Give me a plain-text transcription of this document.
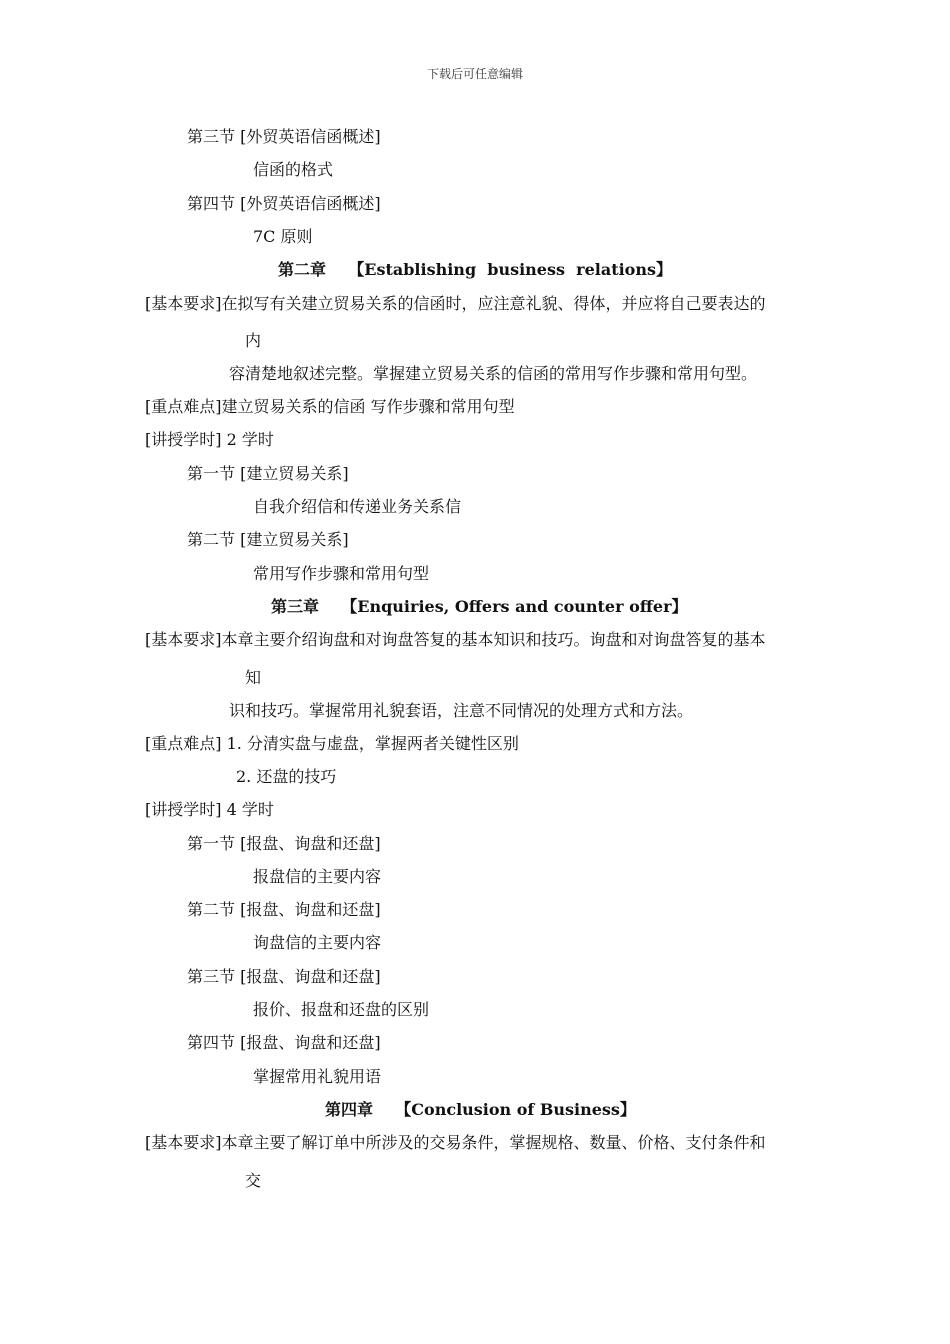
下载后可任意编辑
第三节 [外贸英语信函概述]
信函的格式
第四节 [外贸英语信函概述]
7C 原则
第二章    【Establishing  business  relations】
[基本要求]在拟写有关建立贸易关系的信函时，应注意礼貌、得体，并应将自己要表达的
内
容清楚地叙述完整。掌握建立贸易关系的信函的常用写作步骤和常用句型。
[重点难点]建立贸易关系的信函 写作步骤和常用句型
[讲授学时] 2 学时
第一节 [建立贸易关系]
自我介绍信和传递业务关系信
第二节 [建立贸易关系]
常用写作步骤和常用句型
第三章    【Enquiries, Offers and counter offer】
[基本要求]本章主要介绍询盘和对询盘答复的基本知识和技巧。询盘和对询盘答复的基本
知
识和技巧。掌握常用礼貌套语，注意不同情况的处理方式和方法。
[重点难点] 1. 分清实盘与虚盘，掌握两者关键性区别
2. 还盘的技巧
[讲授学时] 4 学时
第一节 [报盘、询盘和还盘]
报盘信的主要内容
第二节 [报盘、询盘和还盘]
询盘信的主要内容
第三节 [报盘、询盘和还盘]
报价、报盘和还盘的区别
第四节 [报盘、询盘和还盘]
掌握常用礼貌用语
第四章    【Conclusion of Business】
[基本要求]本章主要了解订单中所涉及的交易条件，掌握规格、数量、价格、支付条件和
交
